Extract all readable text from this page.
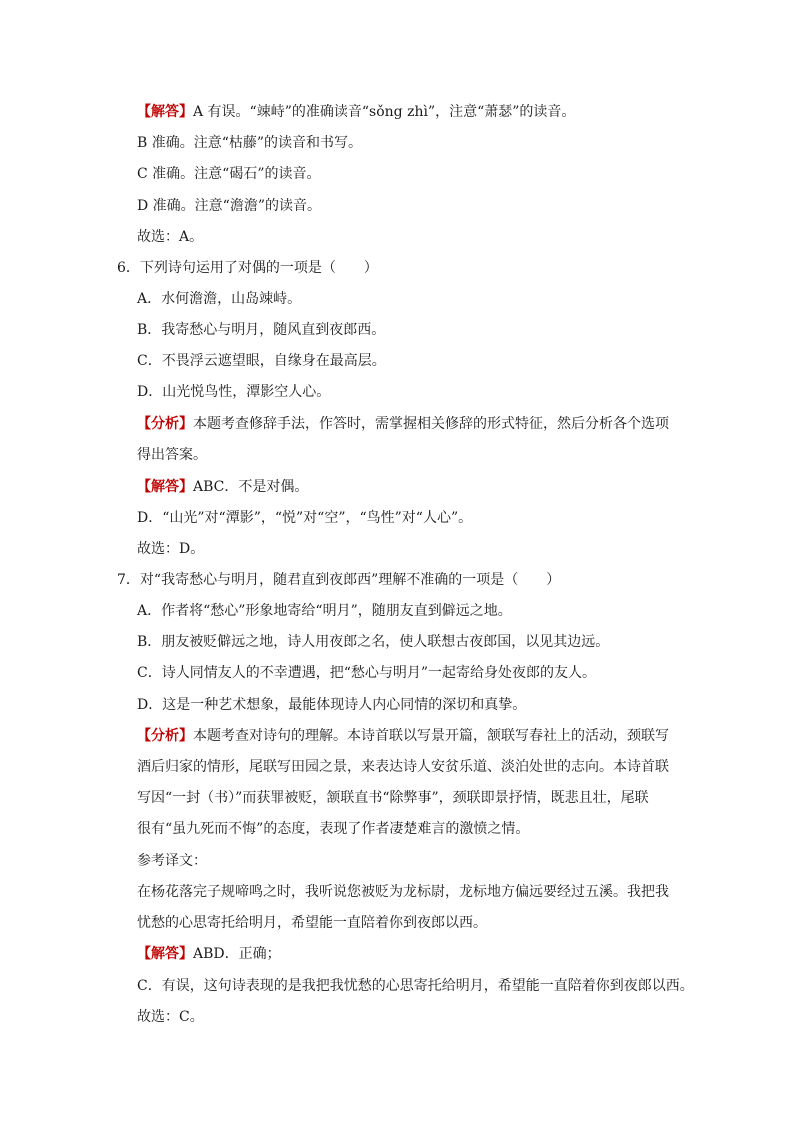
【解答】A 有误。“竦峙”的准确读音“sǒng zhì”，注意“萧瑟”的读音。
B 准确。注意“枯藤”的读音和书写。
C 准确。注意“碣石”的读音。
D 准确。注意“澹澹”的读音。
故选：A。
6．下列诗句运用了对偶的一项是（　　）
A．水何澹澹，山岛竦峙。
B．我寄愁心与明月，随风直到夜郎西。
C．不畏浮云遮望眼，自缘身在最高层。
D．山光悦鸟性，潭影空人心。
【分析】本题考查修辞手法，作答时，需掌握相关修辞的形式特征，然后分析各个选项
得出答案。
【解答】ABC．不是对偶。
D．“山光”对“潭影”，“悦”对“空”，“鸟性”对“人心”。
故选：D。
7．对“我寄愁心与明月，随君直到夜郎西”理解不准确的一项是（　　）
A．作者将“愁心”形象地寄给“明月”，随朋友直到僻远之地。
B．朋友被贬僻远之地，诗人用夜郎之名，使人联想古夜郎国，以见其边远。
C．诗人同情友人的不幸遭遇，把“愁心与明月”一起寄给身处夜郎的友人。
D．这是一种艺术想象，最能体现诗人内心同情的深切和真挚。
【分析】本题考查对诗句的理解。本诗首联以写景开篇，颔联写春社上的活动，颈联写
酒后归家的情形，尾联写田园之景，来表达诗人安贫乐道、淡泊处世的志向。本诗首联
写因“一封（书）”而获罪被贬，颔联直书“除弊事”，颈联即景抒情，既悲且壮，尾联
很有“虽九死而不悔”的态度，表现了作者凄楚难言的激愤之情。
参考译文：
在杨花落完子规啼鸣之时，我听说您被贬为龙标尉，龙标地方偏远要经过五溪。我把我
忧愁的心思寄托给明月，希望能一直陪着你到夜郎以西。
【解答】ABD．正确；
C．有误，这句诗表现的是我把我忧愁的心思寄托给明月，希望能一直陪着你到夜郎以西。
故选：C。
